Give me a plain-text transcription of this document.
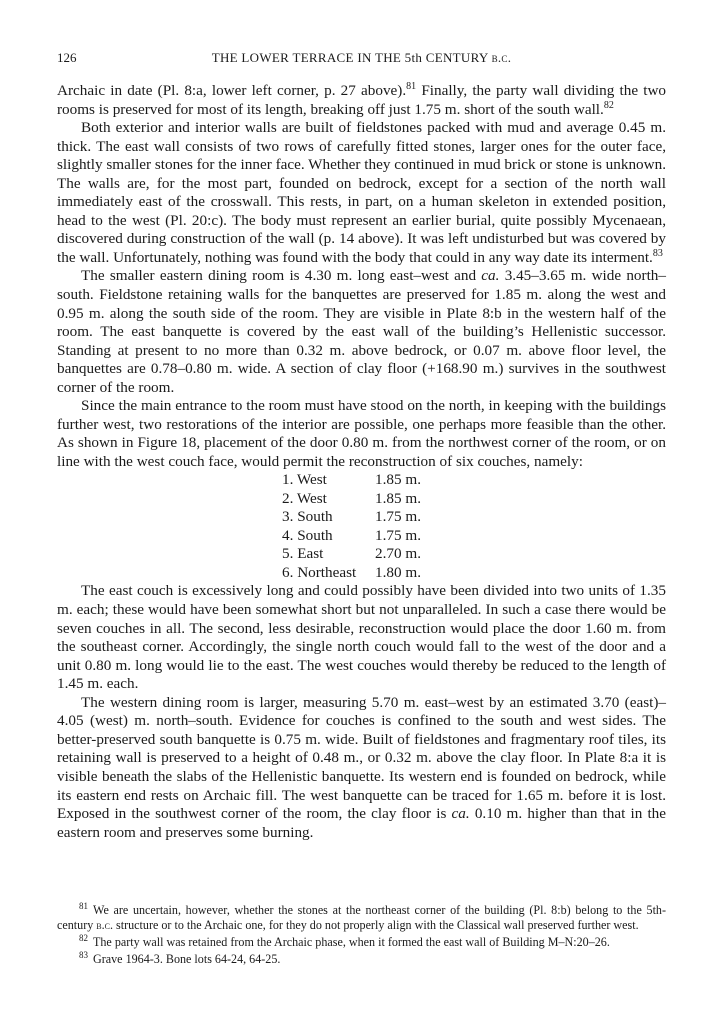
126	THE LOWER TERRACE IN THE 5th CENTURY b.c.

Archaic in date (Pl. 8:a, lower left corner, p. 27 above).$^{81}$ Finally, the party wall dividing the two rooms is preserved for most of its length, breaking off just 1.75 m. short of the south wall.$^{82}$

Both exterior and interior walls are built of fieldstones packed with mud and average 0.45 m. thick. The east wall consists of two rows of carefully fitted stones, larger ones for the outer face, slightly smaller stones for the inner face. Whether they continued in mud brick or stone is unknown. The walls are, for the most part, founded on bedrock, except for a section of the north wall immediately east of the crosswall. This rests, in part, on a human skeleton in extended position, head to the west (Pl. 20:c). The body must represent an earlier burial, quite possibly Mycenaean, discovered during construction of the wall (p. 14 above). It was left undisturbed but was covered by the wall. Unfortunately, nothing was found with the body that could in any way date its interment.$^{83}$

The smaller eastern dining room is 4.30 m. long east–west and ca. 3.45–3.65 m. wide north–south. Fieldstone retaining walls for the banquettes are preserved for 1.85 m. along the west and 0.95 m. along the south side of the room. They are visible in Plate 8:b in the western half of the room. The east banquette is covered by the east wall of the building’s Hellenistic successor. Standing at present to no more than 0.32 m. above bedrock, or 0.07 m. above floor level, the banquettes are 0.78–0.80 m. wide. A section of clay floor (+168.90 m.) survives in the southwest corner of the room.

Since the main entrance to the room must have stood on the north, in keeping with the buildings further west, two restorations of the interior are possible, one perhaps more feasible than the other. As shown in Figure 18, placement of the door 0.80 m. from the northwest corner of the room, or on line with the west couch face, would permit the reconstruction of six couches, namely:

1. West	1.85 m.
2. West	1.85 m.
3. South	1.75 m.
4. South	1.75 m.
5. East	2.70 m.
6. Northeast	1.80 m.

The east couch is excessively long and could possibly have been divided into two units of 1.35 m. each; these would have been somewhat short but not unparalleled. In such a case there would be seven couches in all. The second, less desirable, reconstruction would place the door 1.60 m. from the southeast corner. Accordingly, the single north couch would fall to the west of the door and a unit 0.80 m. long would lie to the east. The west couches would thereby be reduced to the length of 1.45 m. each.

The western dining room is larger, measuring 5.70 m. east–west by an estimated 3.70 (east)–4.05 (west) m. north–south. Evidence for couches is confined to the south and west sides. The better-preserved south banquette is 0.75 m. wide. Built of fieldstones and fragmentary roof tiles, its retaining wall is preserved to a height of 0.48 m., or 0.32 m. above the clay floor. In Plate 8:a it is visible beneath the slabs of the Hellenistic banquette. Its western end is founded on bedrock, while its eastern end rests on Archaic fill. The west banquette can be traced for 1.65 m. before it is lost. Exposed in the southwest corner of the room, the clay floor is ca. 0.10 m. higher than that in the eastern room and preserves some burning.

$^{81}$ We are uncertain, however, whether the stones at the northeast corner of the building (Pl. 8:b) belong to the 5th-century b.c. structure or to the Archaic one, for they do not properly align with the Classical wall preserved further west.

$^{82}$ The party wall was retained from the Archaic phase, when it formed the east wall of Building M–N:20–26.

$^{83}$ Grave 1964-3. Bone lots 64-24, 64-25.
